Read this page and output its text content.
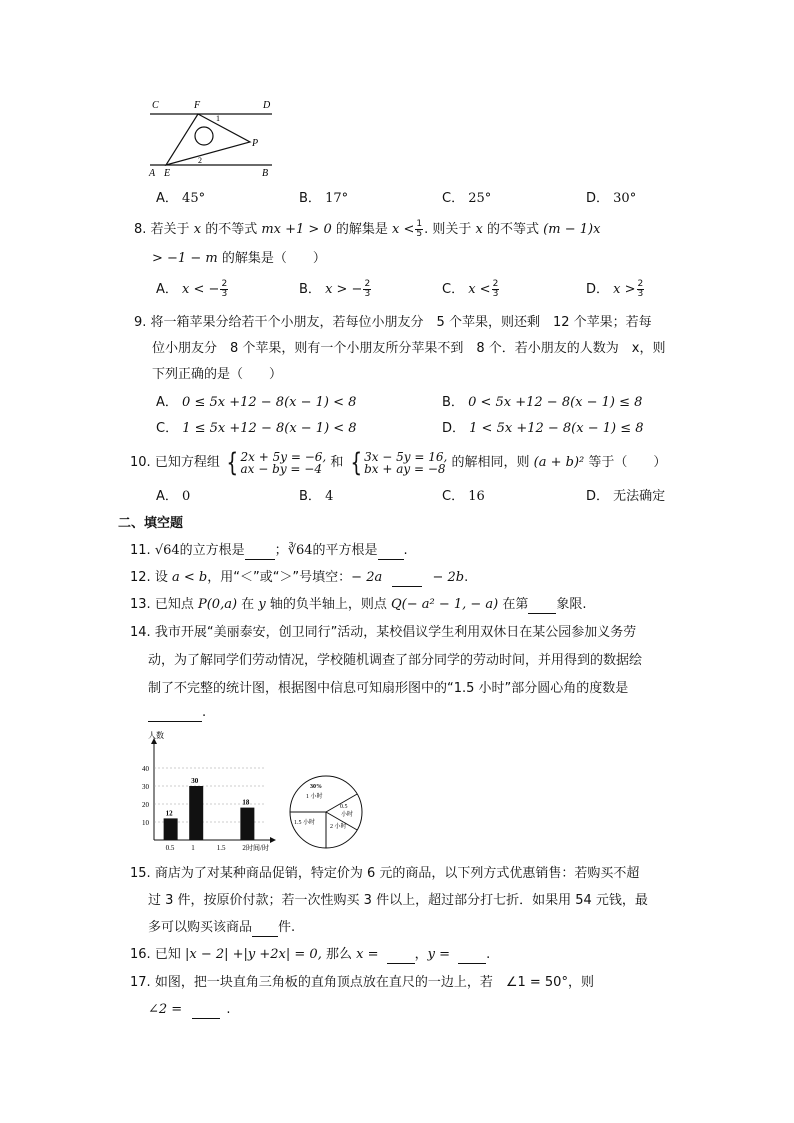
C	F	D
P
A E	B
1
2
A． 45°	B． 17°	C． 25°	D． 30°
8. 若关于 x 的不等式 mx +1 > 0 的解集是 $x < \frac{1}{5}$ . 则关于 x 的不等式 (m − 1)x
> −1 − m 的解集是（　　）
A． x < − $\frac{2}{3}$	B． x > − $\frac{2}{3}$	C． $x < \frac{2}{3}$	D． $x > \frac{2}{3}$
9. 将一箱苹果分给若干个小朋友，若每位小朋友分　5 个苹果，则还剩　12 个苹果；若每
位小朋友分　8 个苹果，则有一个小朋友所分苹果不到　8 个．若小朋友的人数为　x，则
下列正确的是（　　）
A． 0 ≤ 5x +12 − 8(x − 1) < 8	B． 0 < 5x +12 − 8(x − 1) ≤ 8
C． 1 ≤ 5x +12 − 8(x − 1) < 8	D． 1 < 5x +12 − 8(x − 1) ≤ 8
10. 已知方程组 { 2x + 5y = −6,
ax − by = −4 和 { 3x − 5y = 16,
bx + ay = −8 的解相同，则 (a + b)² 等于（　　）
A． 0	B． 4	C． 16	D． 无法确定
二、填空题
11. √64的立方根是 ；∛64的平方根是 .
12. 设 a < b，用“＜”或“＞”号填空：− 2a	− 2b.
13. 已知点 P(0,a) 在 y 轴的负半轴上，则点 Q(− a² − 1, − a) 在第 象限.
14. 我市开展“美丽泰安，创卫同行”活动，某校倡议学生利用双休日在某公园参加义务劳
动，为了解同学们劳动情况，学校随机调查了部分同学的劳动时间，并用得到的数据绘
制了不完整的统计图，根据图中信息可知扇形图中的“1.5 小时”部分圆心角的度数是
.
人数
时间/时
10
20
30
40
0.5
12
1
30
1.5 2
18
30%
1 小时
0.5
小时
1.5 小时
2 小时
15. 商店为了对某种商品促销，特定价为 6 元的商品，以下列方式优惠销售：若购买不超
过 3 件，按原价付款；若一次性购买 3 件以上，超过部分打七折．如果用 54 元钱，最
多可以购买该商品 件.
16. 已知 |x − 2| +|y +2x| = 0, 那么 x =	，y =	.
17. 如图，把一块直角三角板的直角顶点放在直尺的一边上，若　∠1 = 50°，则
∠2 =	.
